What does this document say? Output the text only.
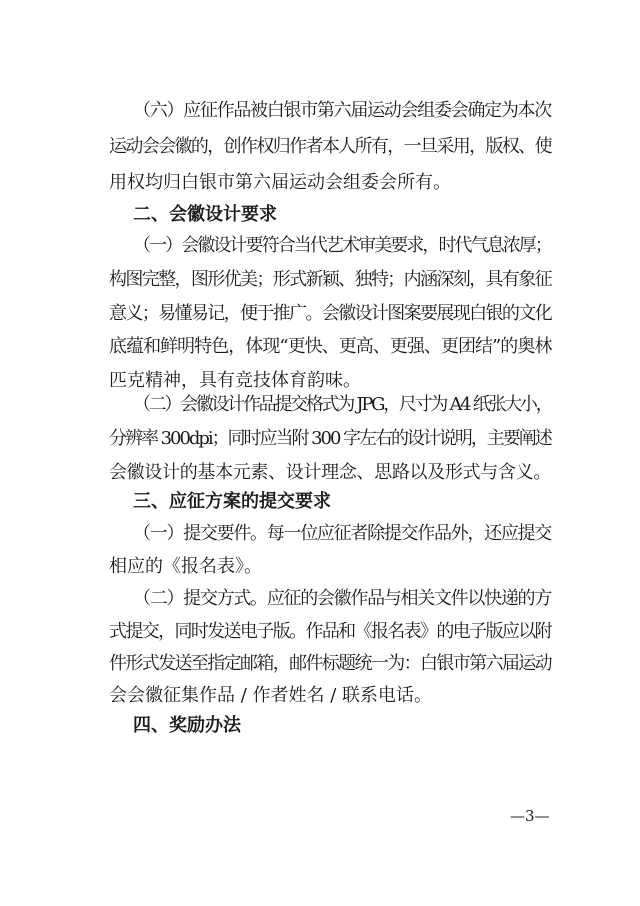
（六）应征作品被白银市第六届运动会组委会确定为本次

运动会会徽的，创作权归作者本人所有，一旦采用，版权、使

用权均归白银市第六届运动会组委会所有。

二、会徽设计要求

（一）会徽设计要符合当代艺术审美要求，时代气息浓厚；

构图完整，图形优美；形式新颖、独特；内涵深刻，具有象征

意义；易懂易记，便于推广。会徽设计图案要展现白银的文化

底蕴和鲜明特色，体现“更快、更高、更强、更团结”的奥林

匹克精神，具有竞技体育韵味。

（二）会徽设计作品提交格式为 JPG，尺寸为 A4 纸张大小，

分辨率 300dpi；同时应当附 300 字左右的设计说明，主要阐述

会徽设计的基本元素、设计理念、思路以及形式与含义。

三、应征方案的提交要求

（一）提交要件。每一位应征者除提交作品外，还应提交

相应的《报名表》。

（二）提交方式。应征的会徽作品与相关文件以快递的方

式提交，同时发送电子版。作品和《报名表》的电子版应以附

件形式发送至指定邮箱，邮件标题统一为：白银市第六届运动

会会徽征集作品 / 作者姓名 / 联系电话。

四、奖励办法

—3—
